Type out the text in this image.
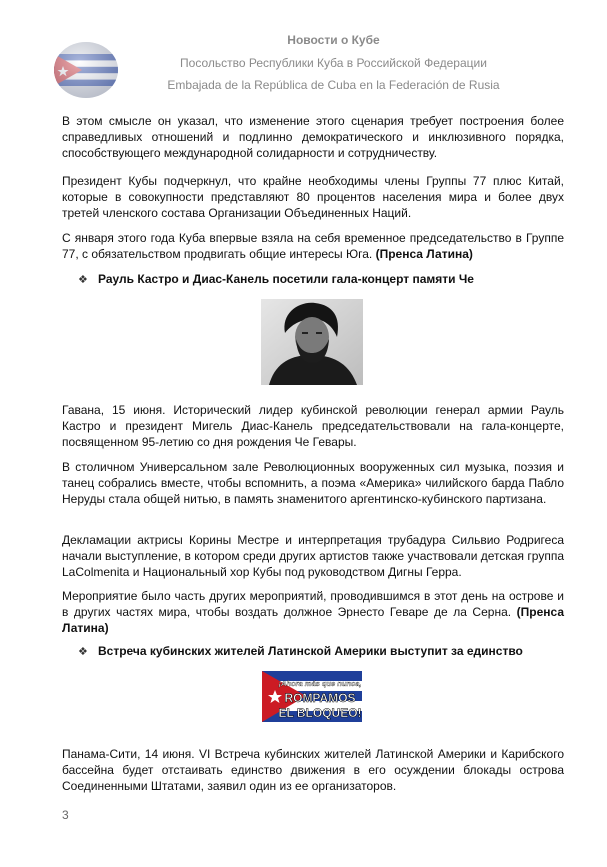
Новости о Кубе
Посольство Республики Куба в Российской Федерации
Embajada de la República de Cuba en la Federación de Rusia

В этом смысле он указал, что изменение этого сценария требует построения более справедливых отношений и подлинно демократического и инклюзивного порядка, способствующего международной солидарности и сотрудничеству.

Президент Кубы подчеркнул, что крайне необходимы члены Группы 77 плюс Китай, которые в совокупности представляют 80 процентов населения мира и более двух третей членского состава Организации Объединенных Наций.

С января этого года Куба впервые взяла на себя временное председательство в Группе 77, с обязательством продвигать общие интересы Юга. (Пренса Латина)

❖ Рауль Кастро и Диас-Канель посетили гала-концерт памяти Че

Гавана, 15 июня. Исторический лидер кубинской революции генерал армии Рауль Кастро и президент Мигель Диас-Канель председательствовали на гала-концерте, посвященном 95-летию со дня рождения Че Гевары.

В столичном Универсальном зале Революционных вооруженных сил музыка, поэзия и танец собрались вместе, чтобы вспомнить, а поэма «Америка» чилийского барда Пабло Неруды стала общей нитью, в память знаменитого аргентинско-кубинского партизана.

Декламации актрисы Корины Местре и интерпретация трубадура Сильвио Родригеса начали выступление, в котором среди других артистов также участвовали детская группа LaColmenita и Национальный хор Кубы под руководством Дигны Герра.

Мероприятие было часть других мероприятий, проводившимся в этот день на острове и в других частях мира, чтобы воздать должное Эрнесто Геваре де ла Серна. (Пренса Латина)

❖ Встреча кубинских жителей Латинской Америки выступит за единство
¡Ahora más que nunca,
ROMPAMOS
EL BLOQUEO!

Панама-Сити, 14 июня. VI Встреча кубинских жителей Латинской Америки и Карибского бассейна будет отстаивать единство движения в его осуждении блокады острова Соединенными Штатами, заявил один из ее организаторов.

3
